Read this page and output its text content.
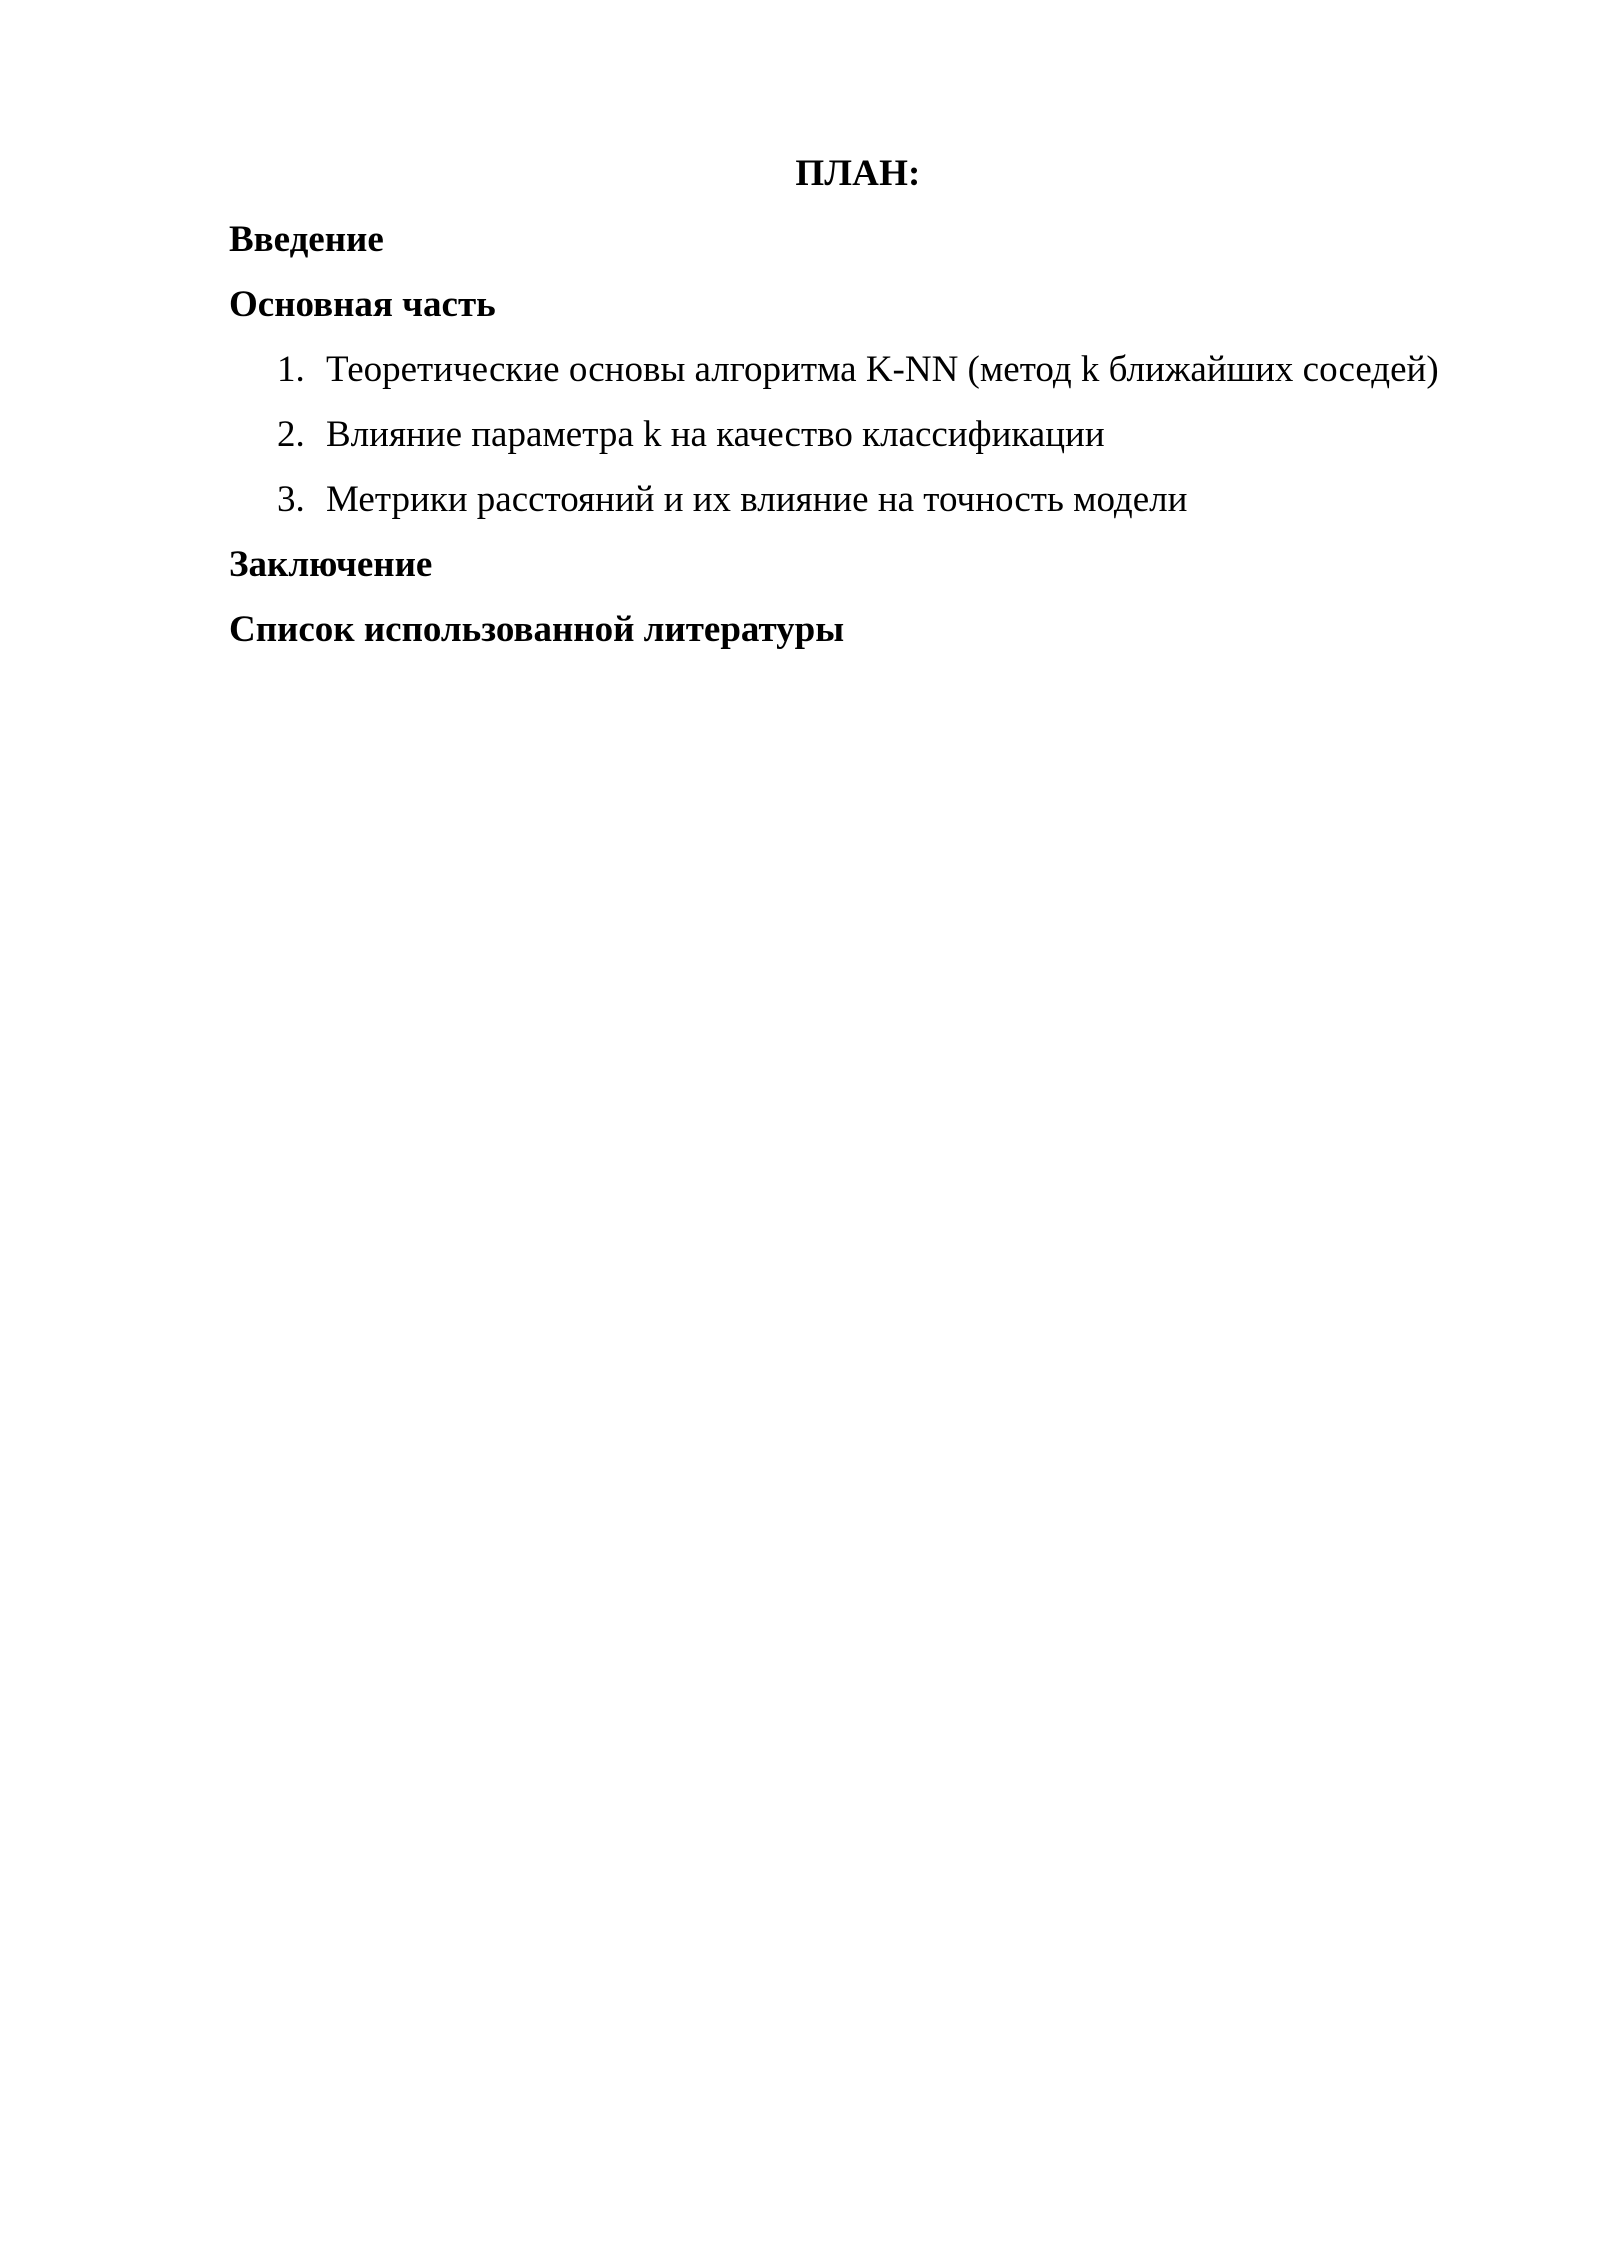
ПЛАН:
Введение
Основная часть
1. Теоретические основы алгоритма K-NN (метод k ближайших соседей)
2. Влияние параметра k на качество классификации
3. Метрики расстояний и их влияние на точность модели
Заключение
Список использованной литературы
